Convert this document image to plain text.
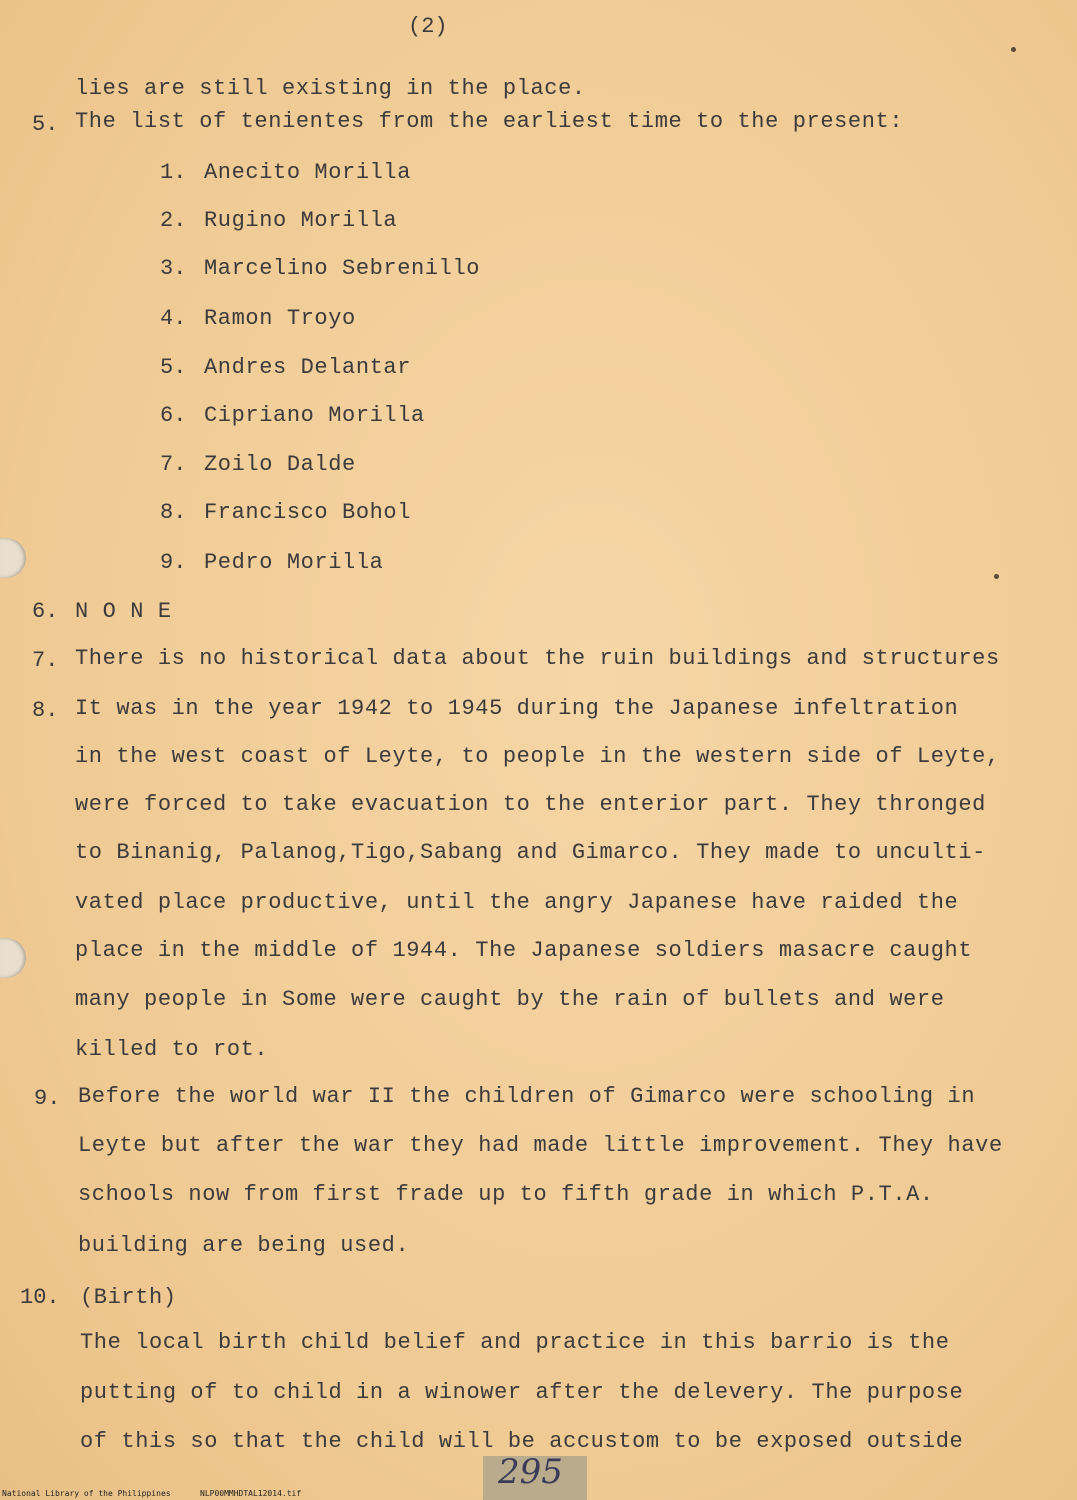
(2)
lies are still existing in the place.
5. The list of tenientes from the earliest time to the present:
1. Anecito Morilla
2. Rugino Morilla
3. Marcelino Sebrenillo
4. Ramon Troyo
5. Andres Delantar
6. Cipriano Morilla
7. Zoilo Dalde
8. Francisco Bohol
9. Pedro Morilla
6. N O N E
7. There is no historical data about the ruin buildings and structures
8. It was in the year 1942 to 1945 during the Japanese infeltration
in the west coast of Leyte, to people in the western side of Leyte,
were forced to take evacuation to the enterior part. They thronged
to Binanig, Palanog,Tigo,Sabang and Gimarco. They made to unculti-
vated place productive, until the angry Japanese have raided the
place in the middle of 1944. The Japanese soldiers masacre caught
many people in Some were caught by the rain of bullets and were
killed to rot.
9. Before the world war II the children of Gimarco were schooling in
Leyte but after the war they had made little improvement. They have
schools now from first frade up to fifth grade in which P.T.A.
building are being used.
10. (Birth)
The local birth child belief and practice in this barrio is the
putting of to child in a winower after the delevery. The purpose
of this so that the child will be accustom to be exposed outside
295
National Library of the Philippines	NLP00MMHDTAL12014.tif
